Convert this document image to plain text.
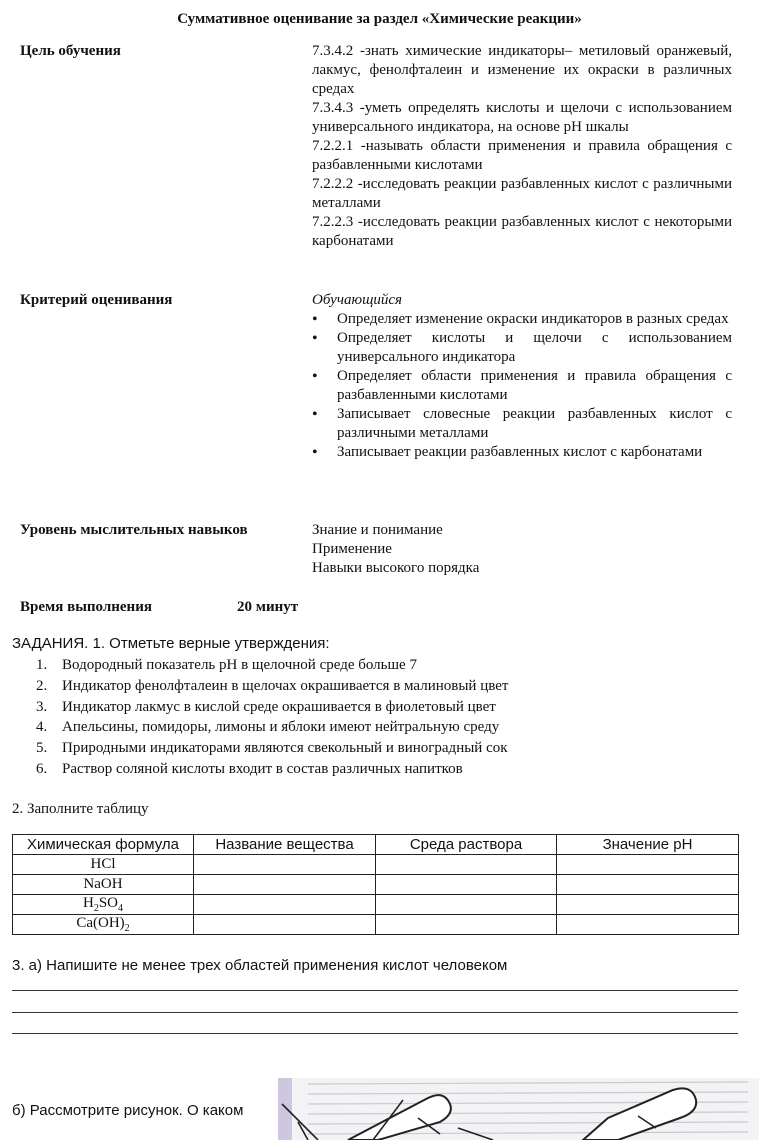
Суммативное оценивание за раздел «Химические реакции»
Цель обучения	7.3.4.2 -знать химические индикаторы– метиловый оранжевый, лакмус, фенолфталеин и изменение их окраски в различных средах

7.3.4.3 -уметь определять кислоты и щелочи с использованием универсального индикатора, на основе pH шкалы

7.2.2.1 -называть области применения и правила обращения с разбавленными кислотами

7.2.2.2 -исследовать реакции разбавленных кислот с различными металлами

7.2.2.3 -исследовать реакции разбавленных кислот с некоторыми карбонатами

Критерий оценивания	Обучающийся

• Определяет изменение окраски индикаторов в разных средах
• Определяет кислоты и щелочи с использованием универсального индикатора
• Определяет области применения и правила обращения с разбавленными кислотами
• Записывает словесные реакции разбавленных кислот с различными металлами
• Записывает реакции разбавленных кислот с карбонатами
Уровень мыслительных навыков	Знание и понимание

Применение

Навыки высокого порядка

Время выполнения	20 минут
ЗАДАНИЯ. 1. Отметьте верные утверждения:
1. Водородный показатель pH в щелочной среде больше 7
2. Индикатор фенолфталеин в щелочах окрашивается в малиновый цвет
3. Индикатор лакмус в кислой среде окрашивается в фиолетовый цвет
4. Апельсины, помидоры, лимоны и яблоки имеют нейтральную среду
5. Природными индикаторами являются свекольный и виноградный сок
6. Раствор соляной кислоты входит в состав различных напитков
2. Заполните таблицу
Химическая формула	Название вещества	Среда раствора	Значение pH
HCl			
NaOH			
$H_2SO_4$			
$Ca(OH)_2$			
3. а) Напишите не менее трех областей применения кислот человеком
б) Рассмотрите рисунок. О каком
